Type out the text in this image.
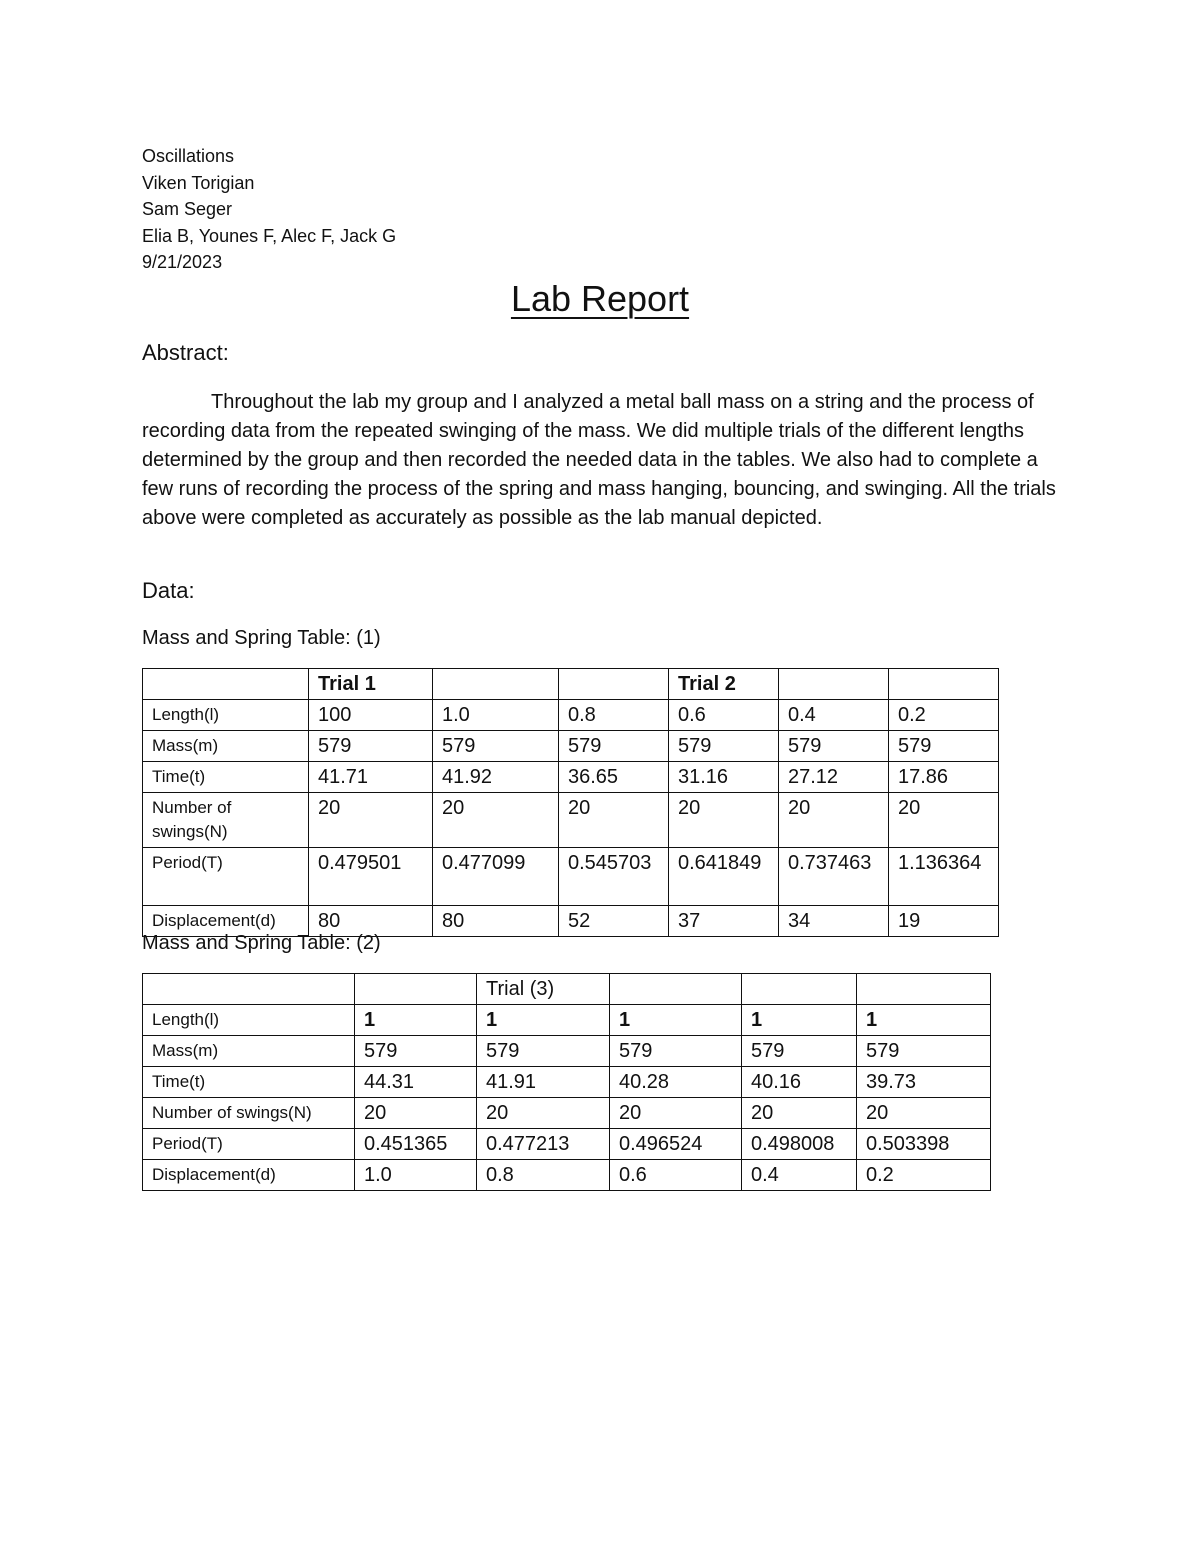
Oscillations
Viken Torigian
Sam Seger
Elia B, Younes F, Alec F, Jack G
9/21/2023
Lab Report
Abstract:

Throughout the lab my group and I analyzed a metal ball mass on a string and the process of recording data from the repeated swinging of the mass. We did multiple trials of the different lengths determined by the group and then recorded the needed data in the tables. We also had to complete a few runs of recording the process of the spring and mass hanging, bouncing, and swinging. All the trials above were completed as accurately as possible as the lab manual depicted.

Data:
Mass and Spring Table: (1)
	Trial 1			Trial 2		
Length(l)	100	1.0	0.8	0.6	0.4	0.2
Mass(m)	579	579	579	579	579	579
Time(t)	41.71	41.92	36.65	31.16	27.12	17.86
Number of swings(N)	20	20	20	20	20	20
Period(T)	0.479501	0.477099	0.545703	0.641849	0.737463	1.136364
Displacement(d)	80	80	52	37	34	19
Mass and Spring Table: (2)
		Trial (3)			
Length(l)	1	1	1	1	1
Mass(m)	579	579	579	579	579
Time(t)	44.31	41.91	40.28	40.16	39.73
Number of swings(N)	20	20	20	20	20
Period(T)	0.451365	0.477213	0.496524	0.498008	0.503398
Displacement(d)	1.0	0.8	0.6	0.4	0.2
